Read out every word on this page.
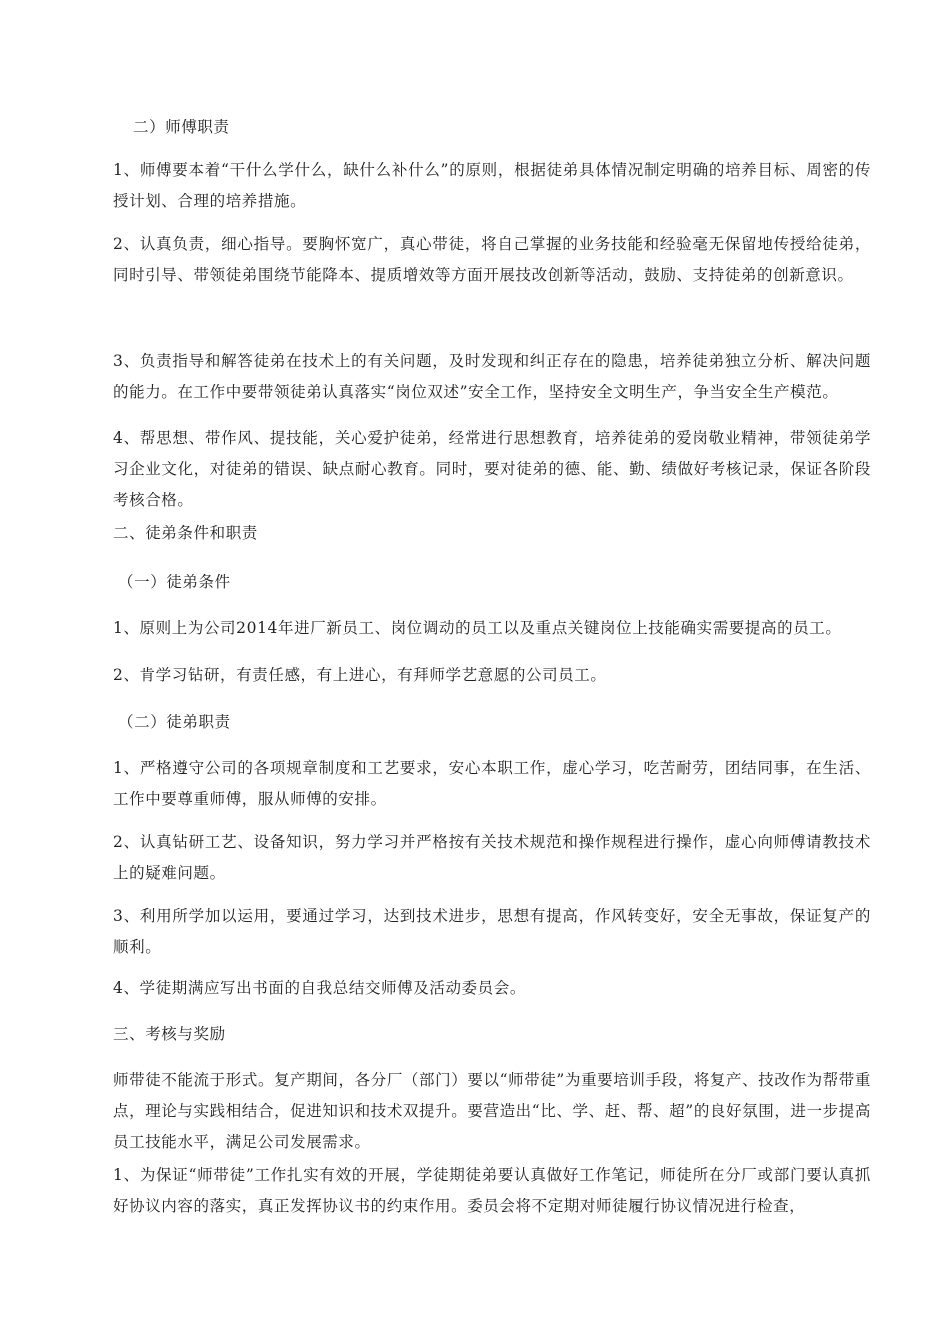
二）师傅职责

1、师傅要本着“干什么学什么，缺什么补什么”的原则，根据徒弟具体情况制定明确的培养目标、周密的传授计划、合理的培养措施。

2、认真负责，细心指导。要胸怀宽广，真心带徒，将自己掌握的业务技能和经验毫无保留地传授给徒弟，同时引导、带领徒弟围绕节能降本、提质增效等方面开展技改创新等活动，鼓励、支持徒弟的创新意识。

3、负责指导和解答徒弟在技术上的有关问题，及时发现和纠正存在的隐患，培养徒弟独立分析、解决问题的能力。在工作中要带领徒弟认真落实“岗位双述”安全工作，坚持安全文明生产，争当安全生产模范。

4、帮思想、带作风、提技能，关心爱护徒弟，经常进行思想教育，培养徒弟的爱岗敬业精神，带领徒弟学习企业文化，对徒弟的错误、缺点耐心教育。同时，要对徒弟的德、能、勤、绩做好考核记录，保证各阶段考核合格。

二、徒弟条件和职责

（一）徒弟条件

1、原则上为公司2014年进厂新员工、岗位调动的员工以及重点关键岗位上技能确实需要提高的员工。

2、肯学习钻研，有责任感，有上进心，有拜师学艺意愿的公司员工。

（二）徒弟职责

1、严格遵守公司的各项规章制度和工艺要求，安心本职工作，虚心学习，吃苦耐劳，团结同事，在生活、工作中要尊重师傅，服从师傅的安排。

2、认真钻研工艺、设备知识，努力学习并严格按有关技术规范和操作规程进行操作，虚心向师傅请教技术上的疑难问题。

3、利用所学加以运用，要通过学习，达到技术进步，思想有提高，作风转变好，安全无事故，保证复产的顺利。

4、学徒期满应写出书面的自我总结交师傅及活动委员会。

三、考核与奖励

师带徒不能流于形式。复产期间，各分厂（部门）要以“师带徒”为重要培训手段，将复产、技改作为帮带重点，理论与实践相结合，促进知识和技术双提升。要营造出“比、学、赶、帮、超”的良好氛围，进一步提高员工技能水平，满足公司发展需求。

1、为保证“师带徒”工作扎实有效的开展，学徒期徒弟要认真做好工作笔记，师徒所在分厂或部门要认真抓好协议内容的落实，真正发挥协议书的约束作用。委员会将不定期对师徒履行协议情况进行检查，
